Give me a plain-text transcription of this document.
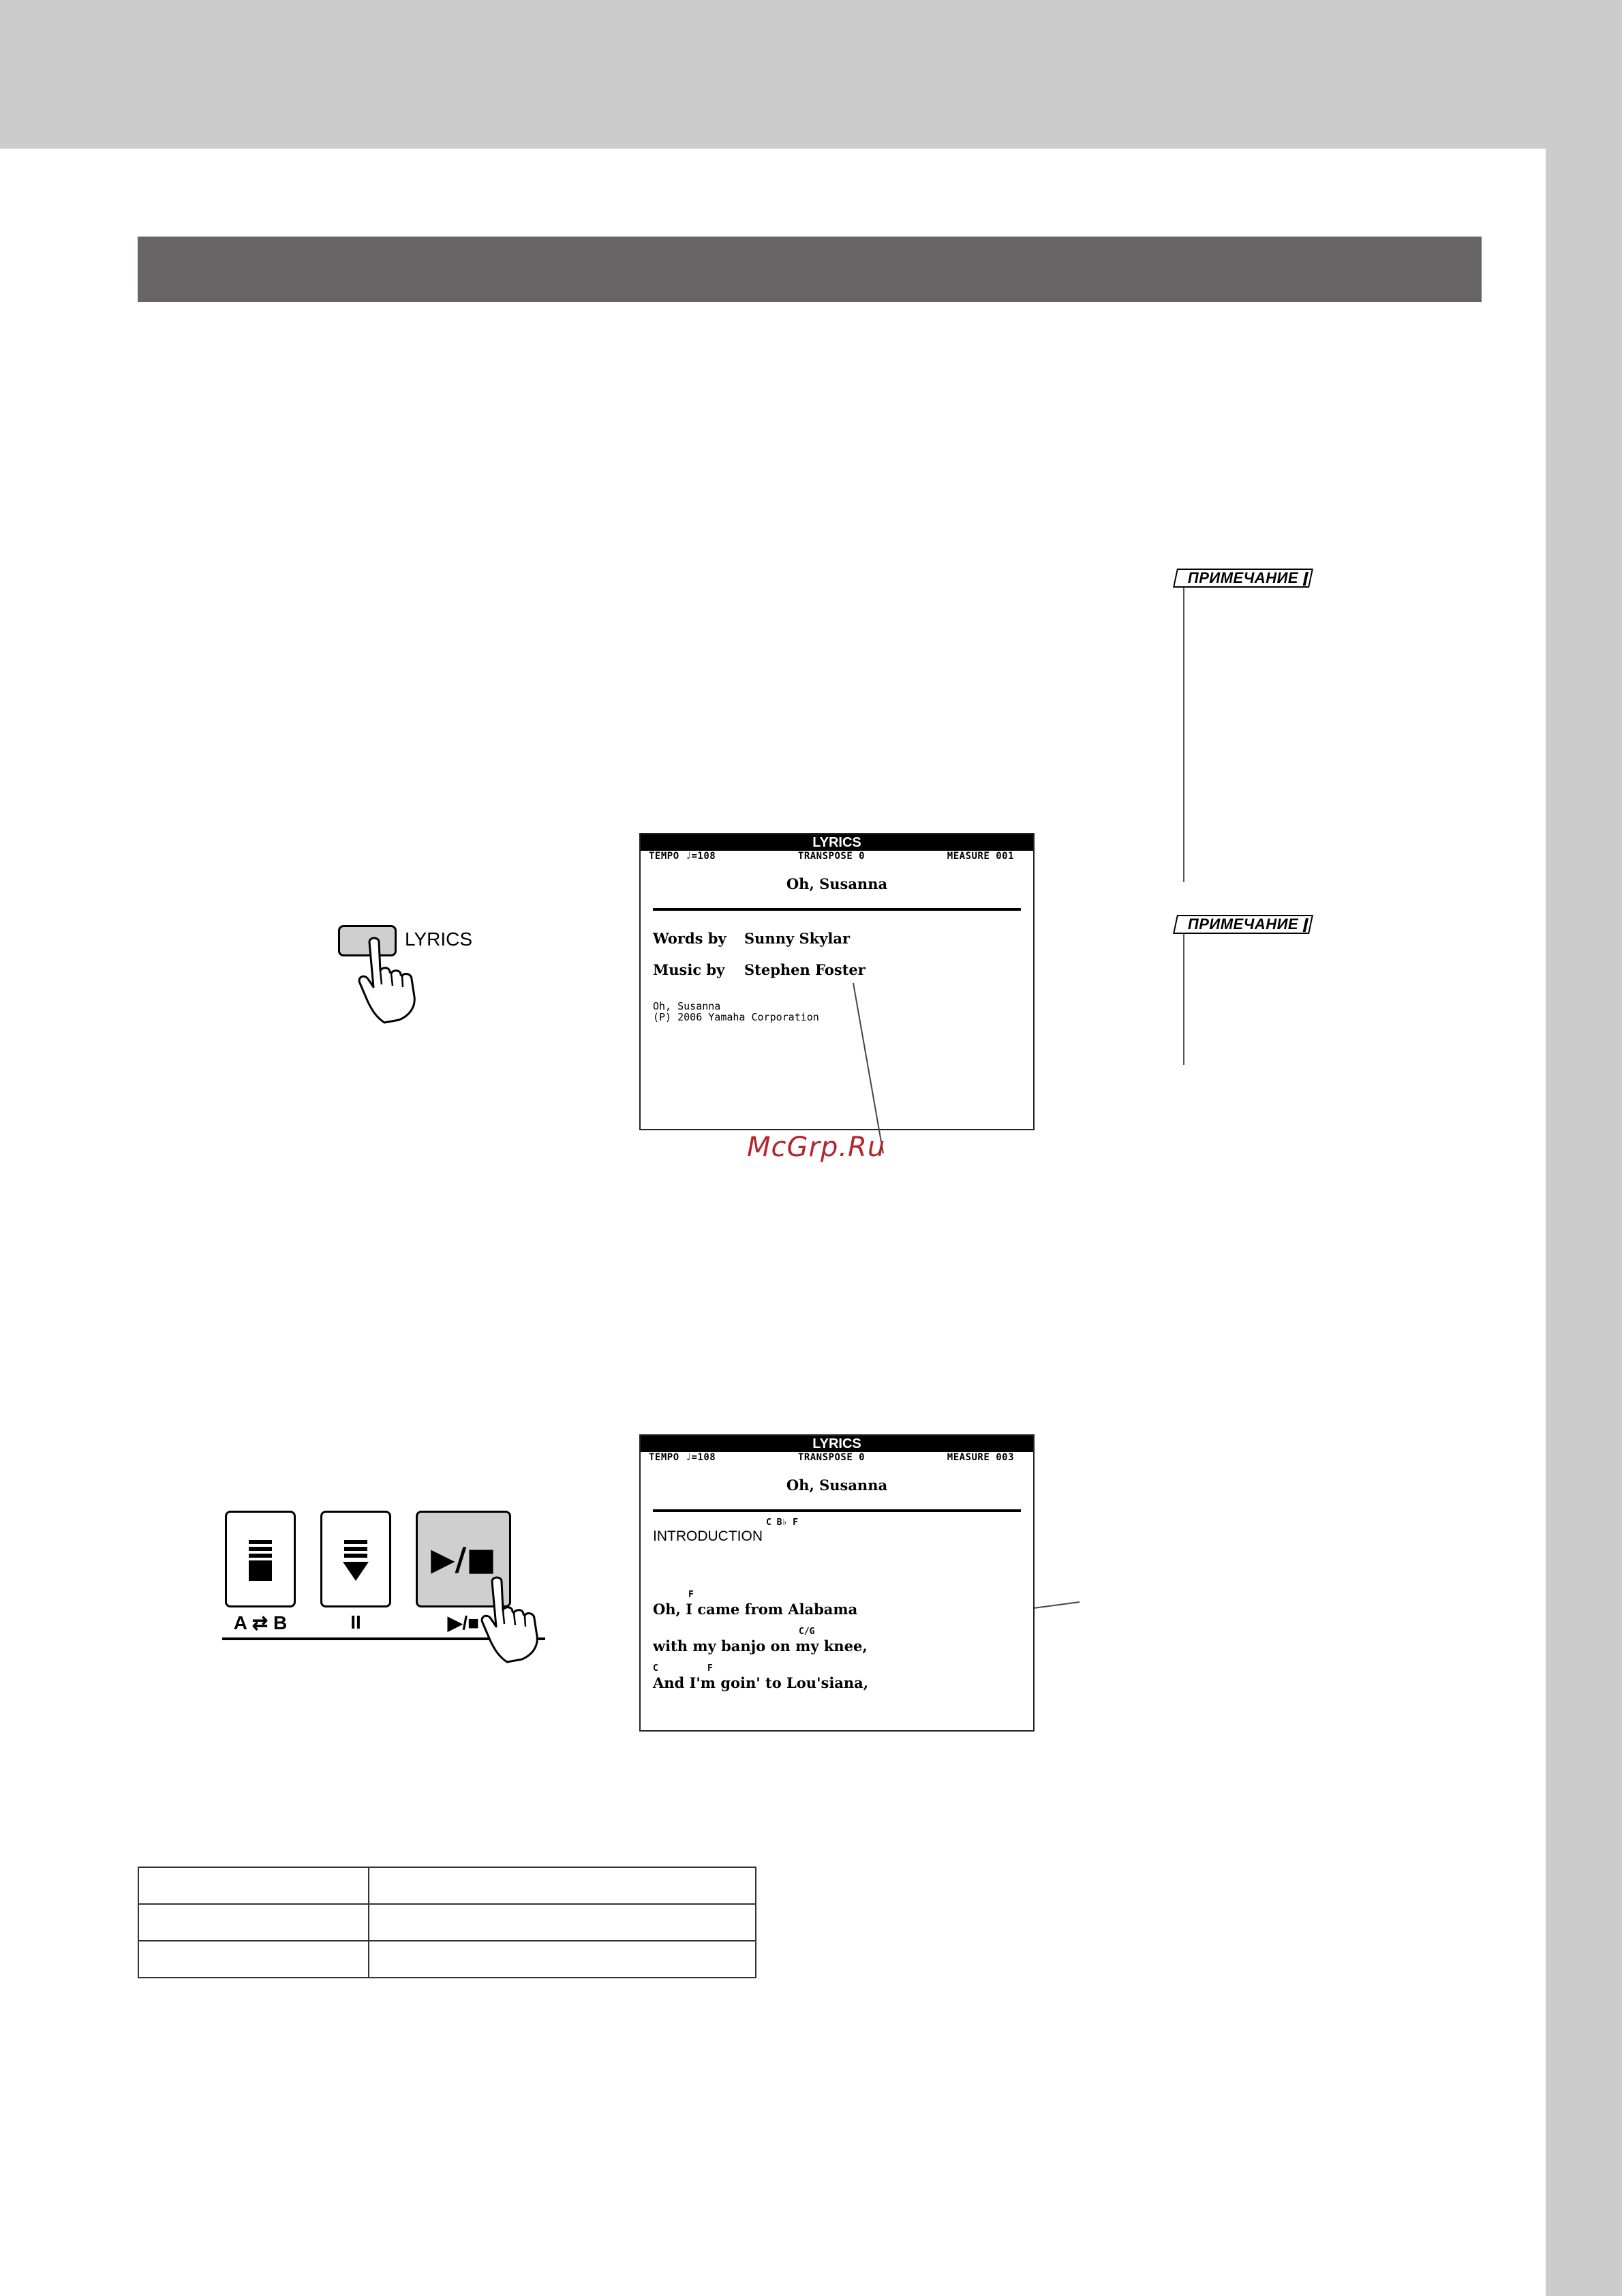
ПРИМЕЧАНИЕ
ПРИМЕЧАНИЕ
LYRICS
LYRICS
TEMPO ♩=108	TRANSPOSE 0	MEASURE 001
Oh, Susanna
Words by Sunny Skylar
Music by Stephen Foster
Oh, Susanna
(P) 2006 Yamaha Corporation
McGrp.Ru
A ⇄ B	II
▶/■
▶/■
LYRICS
TEMPO ♩=108	TRANSPOSE 0	MEASURE 003
Oh, Susanna
C B♭ F
INTRODUCTION
F
Oh, I came from Alabama
C/G
with my banjo on my knee,
C	F
And I'm goin' to Lou'siana,
